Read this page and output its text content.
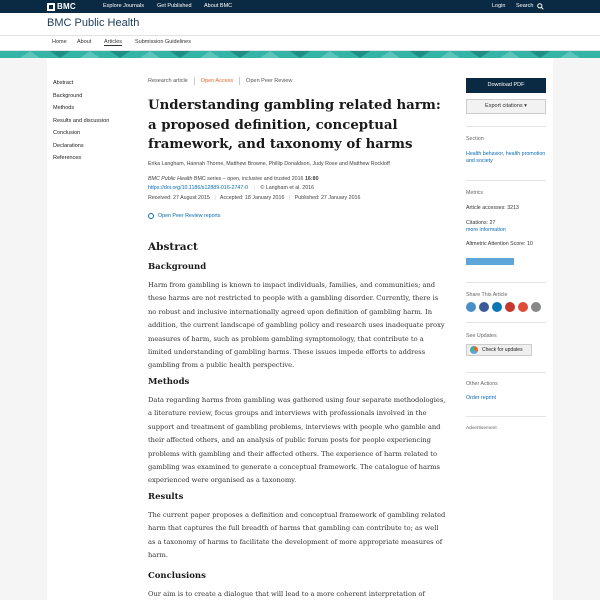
BMC	Explore Journals Get Published About BMC	Login Search
BMC Public Health
Home About Articles Submission Guidelines
Abstract
Background
Methods
Results and discussion
Conclusion
Declarations
References
Research article Open Access Open Peer Review
Understanding gambling related harm: a proposed definition, conceptual framework, and taxonomy of harms
Erika Langham, Hannah Thorne, Matthew Browne, Phillip Donaldson, Judy Rose and Matthew Rockloff
BMC Public Health BMC series – open, inclusive and trusted 2016 16:80
https://doi.org/10.1186/s12889-016-2747-0 | © Langham et al. 2016
Received: 27 August 2015 | Accepted: 18 January 2016 | Published: 27 January 2016
Open Peer Review reports
Abstract
Background

Harm from gambling is known to impact individuals, families, and communities; and these harms are not restricted to people with a gambling disorder. Currently, there is no robust and inclusive internationally agreed upon definition of gambling harm. In addition, the current landscape of gambling policy and research uses inadequate proxy measures of harm, such as problem gambling symptomology, that contribute to a limited understanding of gambling harms. These issues impede efforts to address gambling from a public health perspective.

Methods

Data regarding harms from gambling was gathered using four separate methodologies, a literature review, focus groups and interviews with professionals involved in the support and treatment of gambling problems, interviews with people who gamble and their affected others, and an analysis of public forum posts for people experiencing problems with gambling and their affected others. The experience of harm related to gambling was examined to generate a conceptual framework. The catalogue of harms experienced were organised as a taxonomy.

Results

The current paper proposes a definition and conceptual framework of gambling related harm that captures the full breadth of harms that gambling can contribute to; as well as a taxonomy of harms to facilitate the development of more appropriate measures of harm.

Conclusions

Our aim is to create a dialogue that will lead to a more coherent interpretation of

Download PDF
Export citations ▾
Section
Health behavior, health promotion and society
Metrics
Article accesses: 3213
Citations: 27
more information
Altmetric Attention Score: 10
Share This Article
See Updates
Check for updates
Other Actions
Order reprint
Advertisement
